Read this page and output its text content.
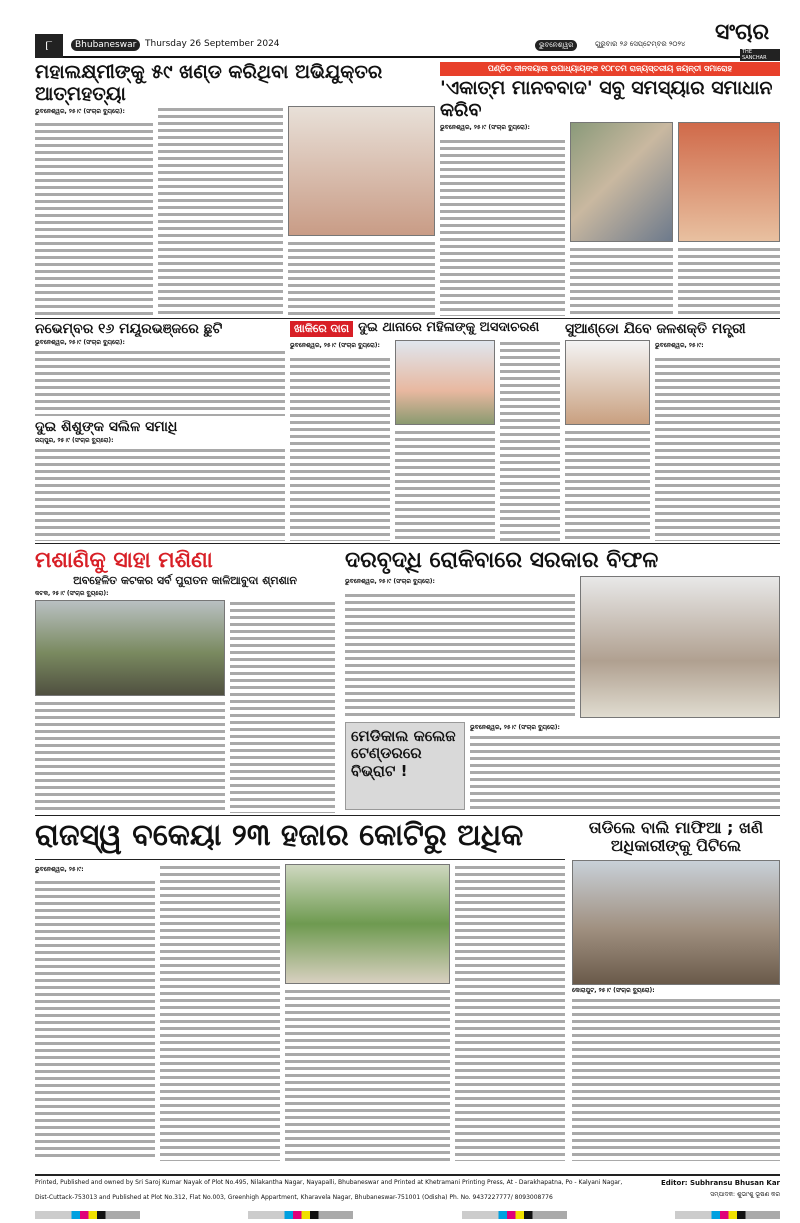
୮	Bhubaneswar Thursday 26 September 2024	ଭୁବନେଶ୍ୱର	ଗୁରୁବାର ୨୬ ସେପ୍ଟେମ୍ବର ୨୦୨୪ ସଂଚାର
THE SANCHAR
ମହାଲକ୍ଷ୍ମୀଙ୍କୁ ୫୯ ଖଣ୍ଡ କରିଥିବା ଅଭିଯୁକ୍ତର ଆତ୍ମହତ୍ୟା
ଭୁବନେଶ୍ୱର, ୨୫।୯ (ସଂଚାର ବ୍ୟୁରୋ):
ପଣ୍ଡିତ ଦୀନଦୟାଲ ଉପାଧ୍ୟାୟଙ୍କ ୧୦୮ତମ ରାଜ୍ୟସ୍ତରୀୟ ଜୟନ୍ତୀ ସମାରୋହ
'ଏକାତ୍ମ ମାନବବାଦ' ସବୁ ସମସ୍ୟାର ସମାଧାନ କରିବ
ଭୁବନେଶ୍ୱର, ୨୫।୯ (ସଂଚାର ବ୍ୟୁରୋ):
ନଭେମ୍ବର ୧୬ ମୟୂରଭଞ୍ଜରେ ଛୁଟି
ଭୁବନେଶ୍ୱର, ୨୫।୯ (ସଂଚାର ବ୍ୟୁରୋ):
ଦୁଇ ଶିଶୁଙ୍କ ସଲିଳ ସମାଧି
ଜୟପୁର, ୨୫।୯ (ସଂଚାର ବ୍ୟୁରୋ):
ଖାକିରେ ଦାଗ ଦୁଇ ଥାନାରେ ମହିଳାଙ୍କୁ ଅସଦାଚରଣ
ଭୁବନେଶ୍ୱର, ୨୫।୯ (ସଂଚାର ବ୍ୟୁରୋ):
ସୁଆଣ୍ଡୋ ଯିବେ ଜଳଶକ୍ତି ମନ୍ତ୍ରୀ
ଭୁବନେଶ୍ୱର, ୨୫।୯:
ମଶାଣିକୁ ସାହା ମଶିଣା
ଅବହେଳିତ କଟକର ସର୍ବ ପୁରାତନ କାଳିଆବୁଦା ଶ୍ମଶାନ
କଟକ, ୨୫।୯ (ସଂଚାର ବ୍ୟୁରୋ):
ଦରବୃଦ୍ଧି ରୋକିବାରେ ସରକାର ବିଫଳ
ଭୁବନେଶ୍ୱର, ୨୫।୯ (ସଂଚାର ବ୍ୟୁରୋ):
ମେଡିକାଲ କଲେଜ ଟେଣ୍ଡରରେ ବିଭ୍ରାଟ !
ଭୁବନେଶ୍ୱର, ୨୫।୯ (ସଂଚାର ବ୍ୟୁରୋ):
ରାଜସ୍ୱ ବକେୟା ୨୩ ହଜାର କୋଟିରୁ ଅଧିକ
ଭୁବନେଶ୍ୱର, ୨୫।୯:
ତାଡିଲେ ବାଲି ମାଫିଆ ; ଖଣି ଅଧିକାରୀଙ୍କୁ ପିଟିଲେ
କୋରାପୁଟ, ୨୫।୯ (ସଂଚାର ବ୍ୟୁରୋ):
Printed, Published and owned by Sri Saroj Kumar Nayak of Plot No.495, Nilakantha Nagar, Nayapalli, Bhubaneswar and Printed at Khetramani Printing Press, At - Darakhapatna, Po - Kalyani Nagar,
Dist-Cuttack-753013 and Published at Plot No.312, Flat No.003, Greenhigh Appartment, Kharavela Nagar, Bhubaneswar-751001 (Odisha) Ph. No. 9437227777/ 8093008776
Editor: Subhransu Bhusan Kar
ସମ୍ପାଦକ: ଶୁଭାଂଶୁ ଭୂଷଣ କର
